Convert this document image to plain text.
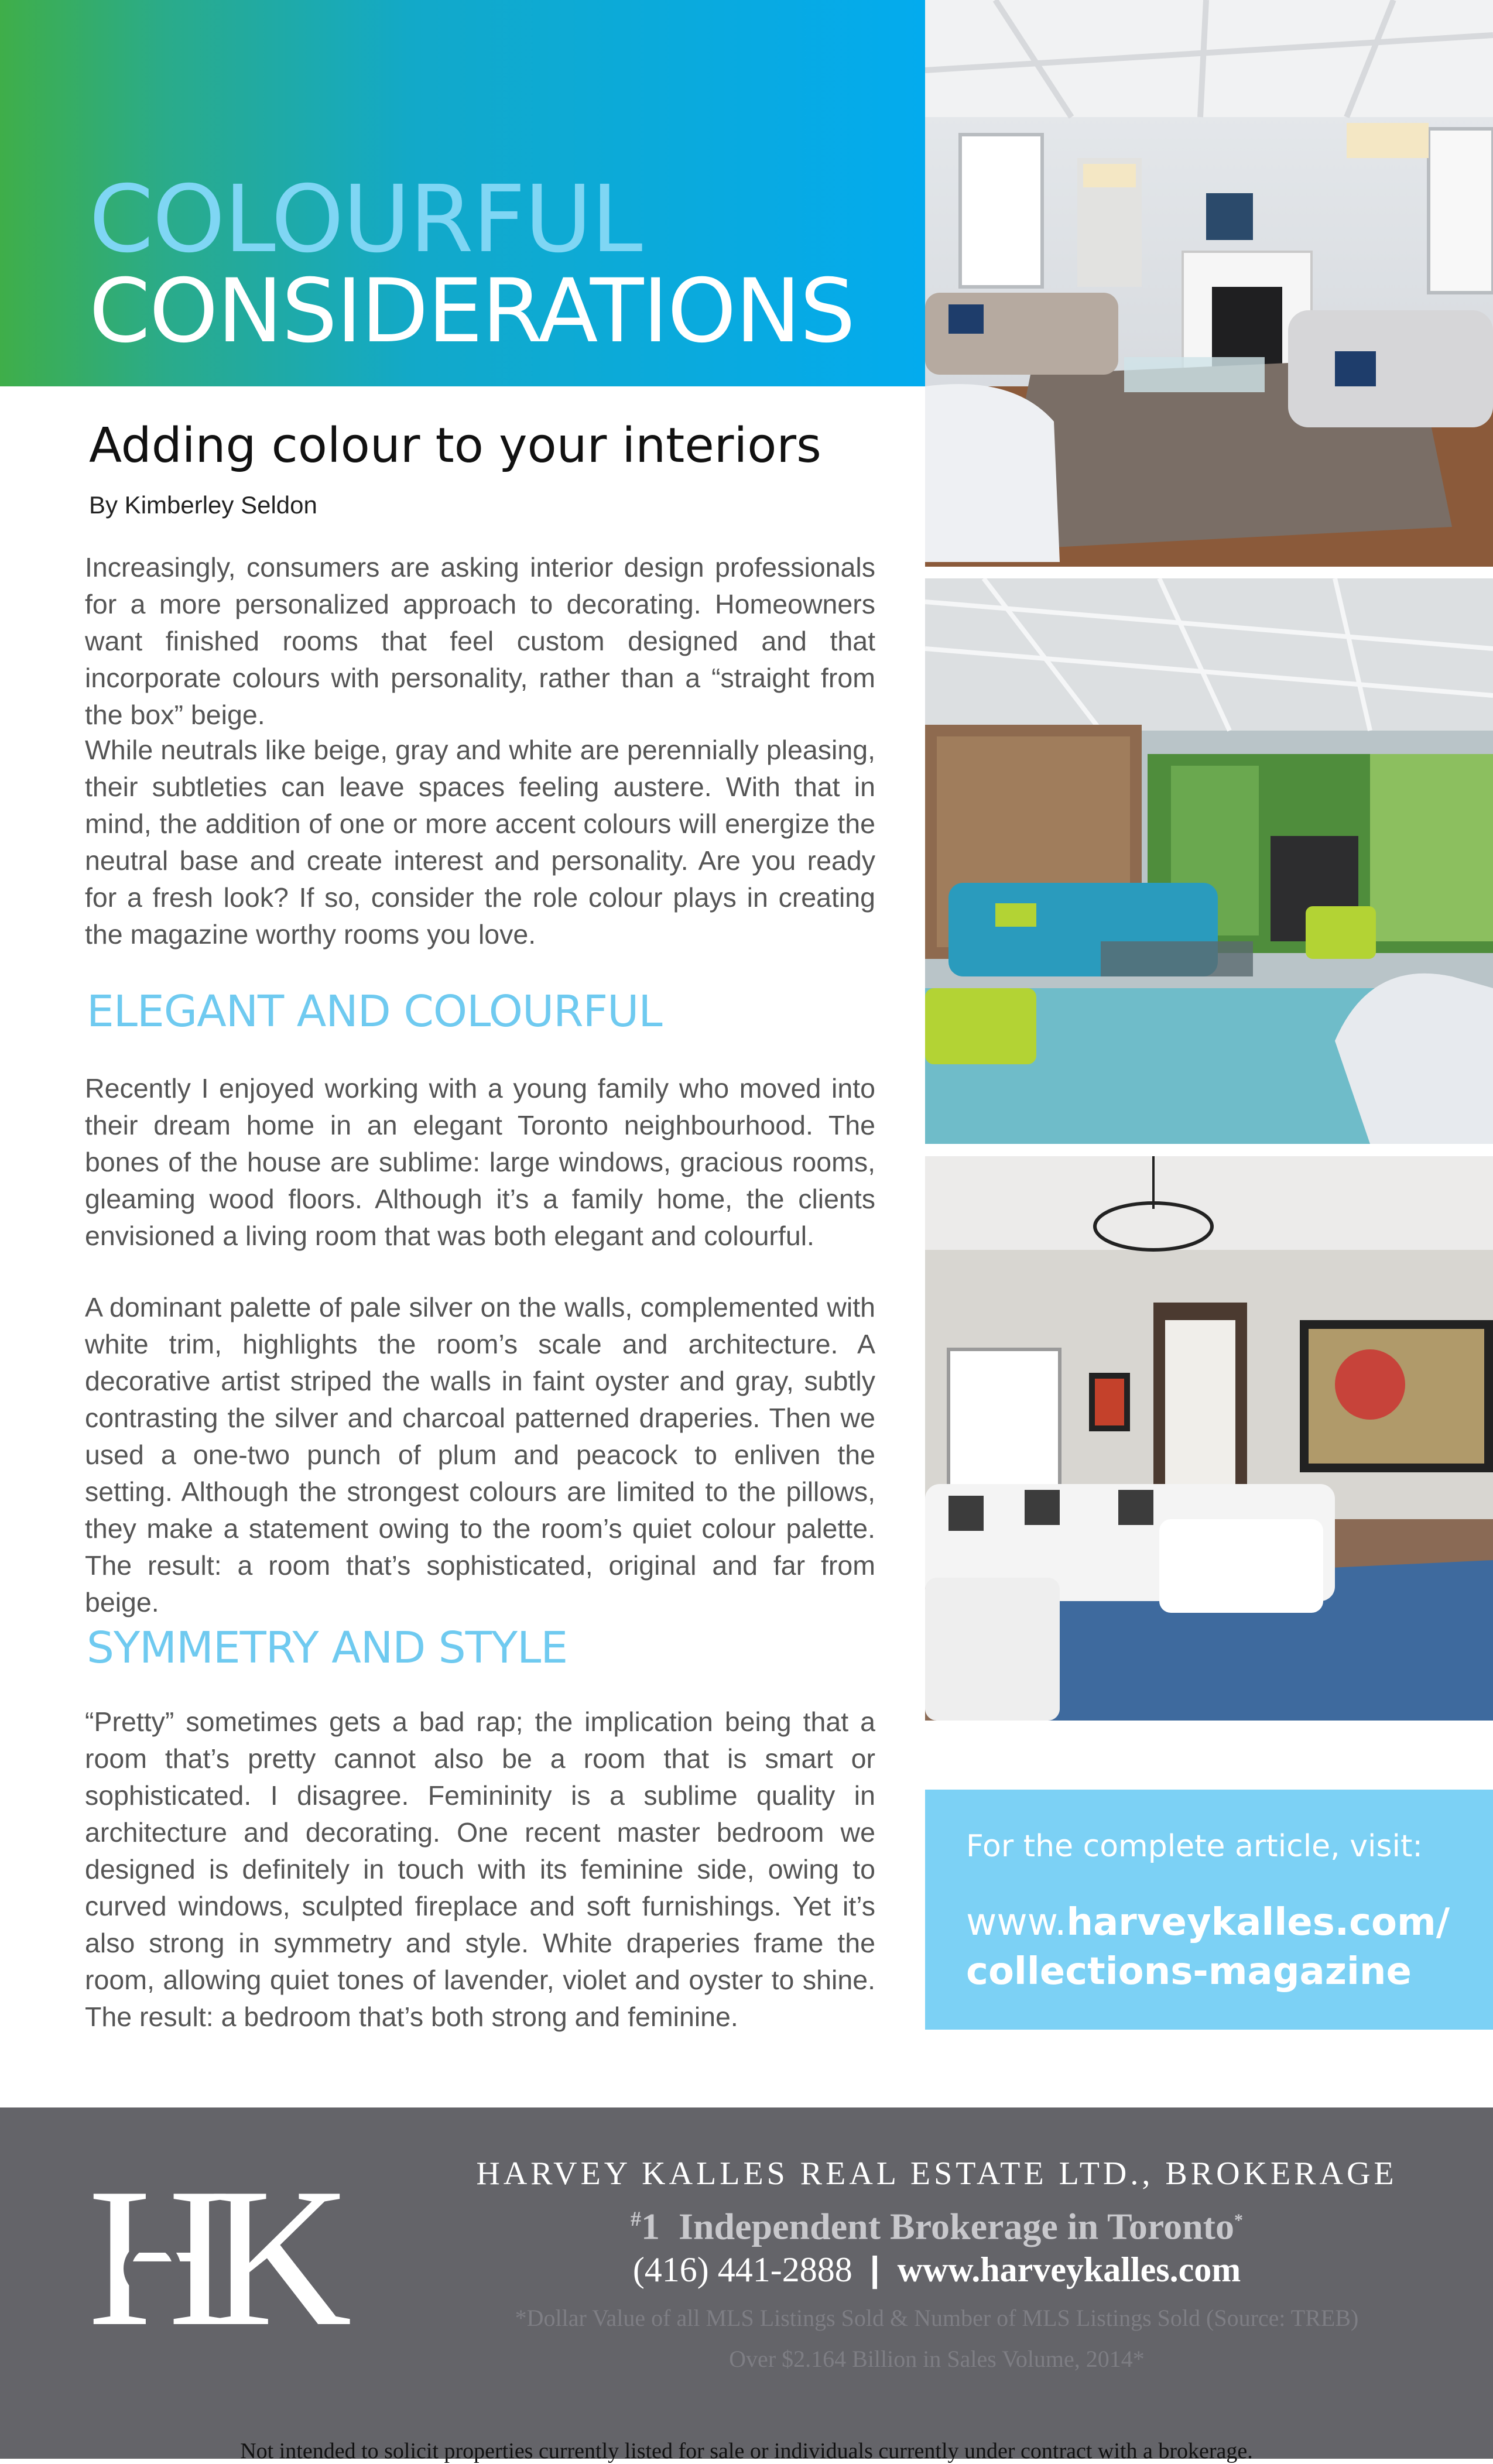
COLOURFUL
CONSIDERATIONS
Adding colour to your interiors
By Kimberley Seldon

Increasingly, consumers are asking interior design professionals for a more personalized approach to decorating. Homeowners want finished rooms that feel custom designed and that incorporate colours with personality, rather than a “straight from the box” beige.

While neutrals like beige, gray and white are perennially pleasing, their subtleties can leave spaces feeling austere. With that in mind, the addition of one or more accent colours will energize the neutral base and create interest and personality. Are you ready for a fresh look? If so, consider the role colour plays in creating the magazine worthy rooms you love.

ELEGANT AND COLOURFUL

Recently I enjoyed working with a young family who moved into their dream home in an elegant Toronto neighbourhood. The bones of the house are sublime: large windows, gracious rooms, gleaming wood floors. Although it’s a family home, the clients envisioned a living room that was both elegant and colourful.

A dominant palette of pale silver on the walls, complemented with white trim, highlights the room’s scale and architecture. A decorative artist striped the walls in faint oyster and gray, subtly contrasting the silver and charcoal patterned draperies. Then we used a one-two punch of plum and peacock to enliven the setting. Although the strongest colours are limited to the pillows, they make a statement owing to the room’s quiet colour palette. The result: a room that’s sophisticated, original and far from beige.

SYMMETRY AND STYLE

“Pretty” sometimes gets a bad rap; the implication being that a room that’s pretty cannot also be a room that is smart or sophisticated. I disagree. Femininity is a sublime quality in architecture and decorating. One recent master bedroom we designed is definitely in touch with its feminine side, owing to curved windows, sculpted fireplace and soft furnishings. Yet it’s also strong in symmetry and style. White draperies frame the room, allowing quiet tones of lavender, violet and oyster to shine. The result: a bedroom that’s both strong and feminine.

For the complete article, visit:
www.harveykalles.com/
collections-magazine
HK	HARVEY KALLES REAL ESTATE LTD., BROKERAGE
#1 Independent Brokerage in Toronto*
(416) 441-2888 | www.harveykalles.com
*Dollar Value of all MLS Listings Sold & Number of MLS Listings Sold (Source: TREB)
Over $2.164 Billion in Sales Volume, 2014*
Not intended to solicit properties currently listed for sale or individuals currently under contract with a brokerage.
